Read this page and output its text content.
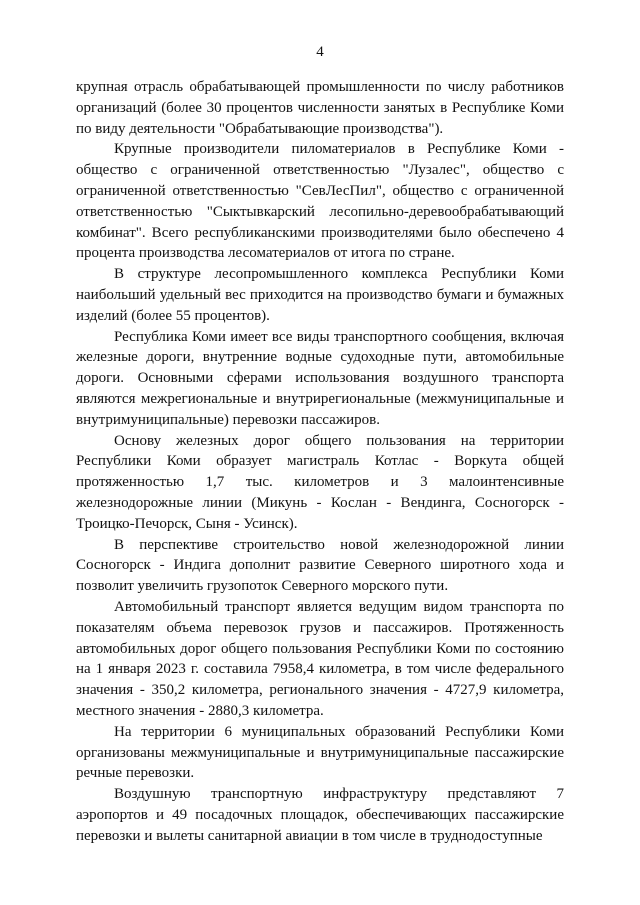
4

крупная отрасль обрабатывающей промышленности по числу работников организаций (более 30 процентов численности занятых в Республике Коми по виду деятельности "Обрабатывающие производства").

Крупные производители пиломатериалов в Республике Коми - общество с ограниченной ответственностью "Лузалес", общество с ограниченной ответственностью "СевЛесПил", общество с ограниченной ответственностью "Сыктывкарский лесопильно-деревообрабатывающий комбинат". Всего республиканскими производителями было обеспечено 4 процента производства лесоматериалов от итога по стране.

В структуре лесопромышленного комплекса Республики Коми наибольший удельный вес приходится на производство бумаги и бумажных изделий (более 55 процентов).

Республика Коми имеет все виды транспортного сообщения, включая железные дороги, внутренние водные судоходные пути, автомобильные дороги. Основными сферами использования воздушного транспорта являются межрегиональные и внутрирегиональные (межмуниципальные и внутримуниципальные) перевозки пассажиров.

Основу железных дорог общего пользования на территории Республики Коми образует магистраль Котлас - Воркута общей протяженностью 1,7 тыс. километров и 3 малоинтенсивные железнодорожные линии (Микунь - Кослан - Вендинга, Сосногорск - Троицко-Печорск, Сыня - Усинск).

В перспективе строительство новой железнодорожной линии Сосногорск - Индига дополнит развитие Северного широтного хода и позволит увеличить грузопоток Северного морского пути.

Автомобильный транспорт является ведущим видом транспорта по показателям объема перевозок грузов и пассажиров. Протяженность автомобильных дорог общего пользования Республики Коми по состоянию на 1 января 2023 г. составила 7958,4 километра, в том числе федерального значения - 350,2 километра, регионального значения - 4727,9 километра, местного значения - 2880,3 километра.

На территории 6 муниципальных образований Республики Коми организованы межмуниципальные и внутримуниципальные пассажирские речные перевозки.

Воздушную транспортную инфраструктуру представляют 7 аэропортов и 49 посадочных площадок, обеспечивающих пассажирские перевозки и вылеты санитарной авиации в том числе в труднодоступные
